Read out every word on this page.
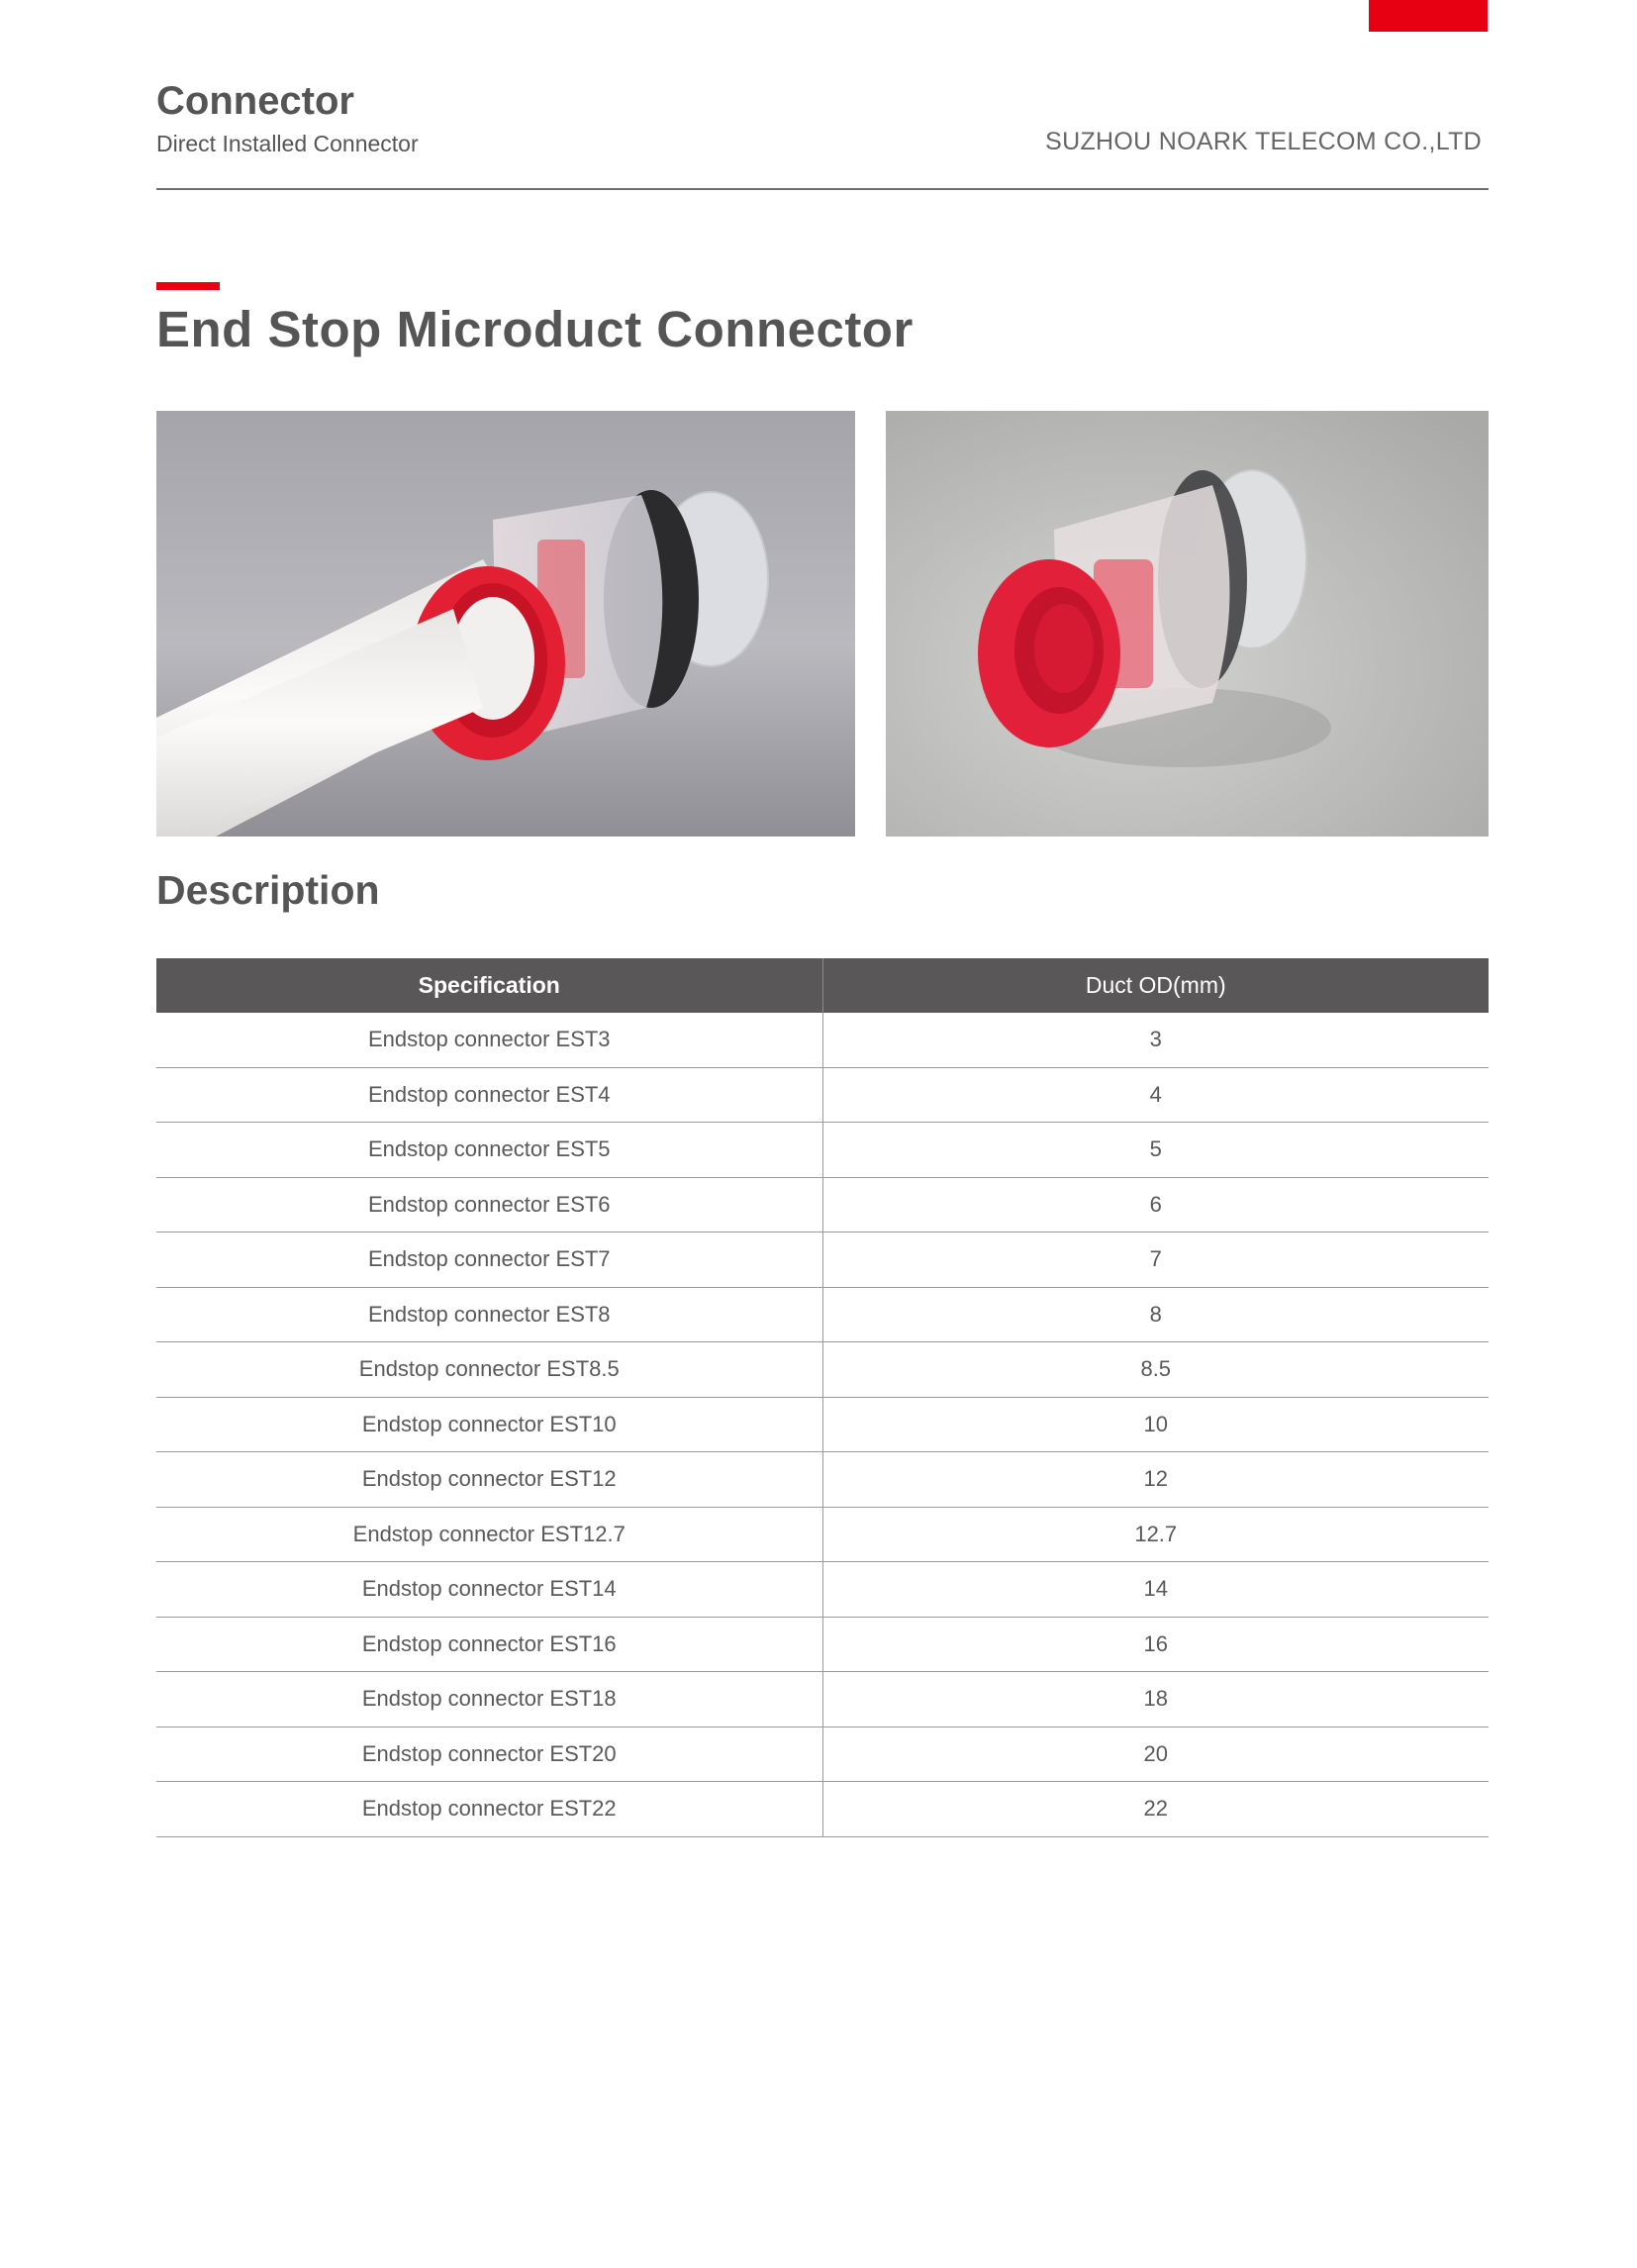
Connector
Direct Installed Connector	SUZHOU NOARK TELECOM CO.,LTD
End Stop Microduct Connector
Description
Specification	Duct OD(mm)
Endstop connector EST3	3
Endstop connector EST4	4
Endstop connector EST5	5
Endstop connector EST6	6
Endstop connector EST7	7
Endstop connector EST8	8
Endstop connector EST8.5	8.5
Endstop connector EST10	10
Endstop connector EST12	12
Endstop connector EST12.7	12.7
Endstop connector EST14	14
Endstop connector EST16	16
Endstop connector EST18	18
Endstop connector EST20	20
Endstop connector EST22	22
